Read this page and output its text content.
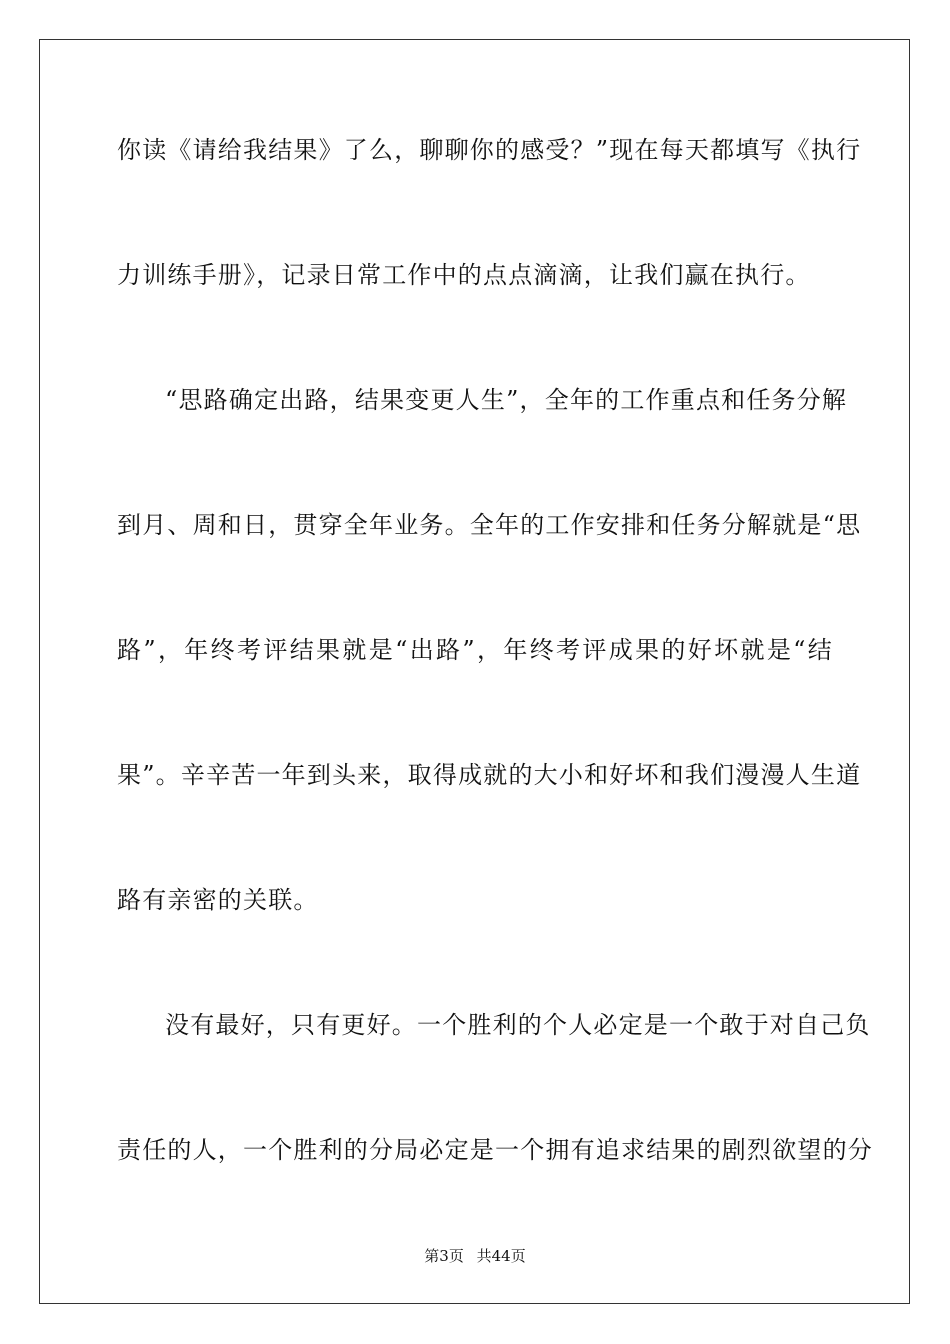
你读《请给我结果》了么，聊聊你的感受？”现在每天都填写《执行
力训练手册》，记录日常工作中的点点滴滴，让我们赢在执行。
“思路确定出路，结果变更人生”，全年的工作重点和任务分解
到月、周和日，贯穿全年业务。全年的工作安排和任务分解就是“思
路”，年终考评结果就是“出路”，年终考评成果的好坏就是“结
果”。辛辛苦一年到头来，取得成就的大小和好坏和我们漫漫人生道
路有亲密的关联。
没有最好，只有更好。一个胜利的个人必定是一个敢于对自己负
责任的人，一个胜利的分局必定是一个拥有追求结果的剧烈欲望的分
第3页 共44页
